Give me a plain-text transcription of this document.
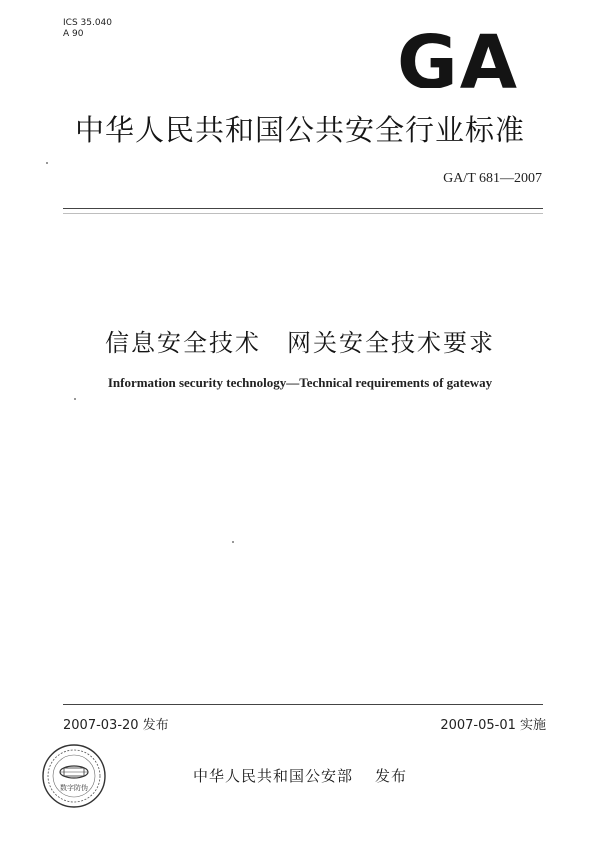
ICS 35.040
A 90	GA
中华人民共和国公共安全行业标准
GA/T 681—2007
信息安全技术　网关安全技术要求
Information security technology—Technical requirements of gateway
2007-03-20 发布	2007-05-01 实施
数字防伪
中华人民共和国公安部 发布
